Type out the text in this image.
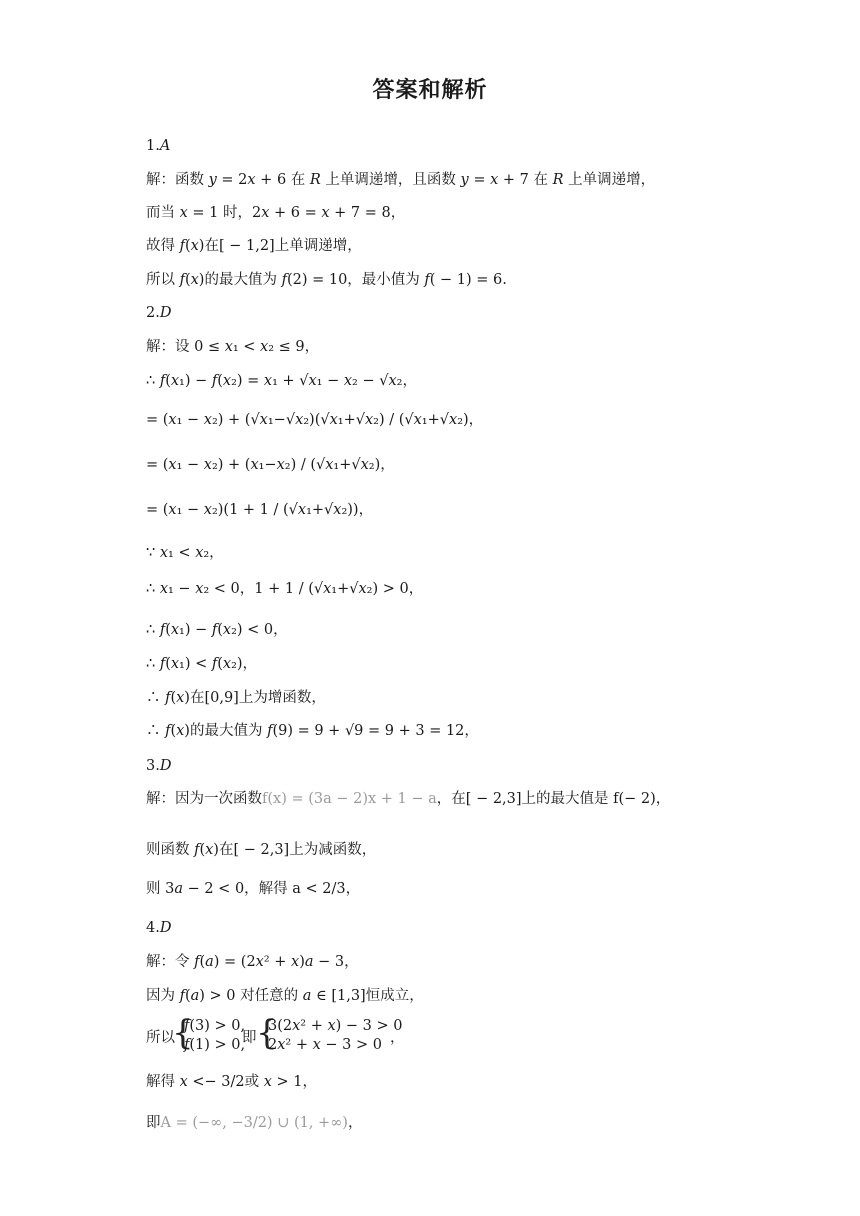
答案和解析
1.A
解：函数 𝑦 = 2𝑥 + 6 在 𝑅 上单调递增，且函数 𝑦 = 𝑥 + 7 在 𝑅 上单调递增，
而当 𝑥 = 1 时，2𝑥 + 6 = 𝑥 + 7 = 8，
故得 𝑓(𝑥)在[ − 1,2]上单调递增，
所以 𝑓(𝑥)的最大值为 𝑓(2) = 10，最小值为 𝑓( − 1) = 6.
2.D
解：设 0 ≤ 𝑥₁ < 𝑥₂ ≤ 9，
∴ 𝑓(𝑥₁) − 𝑓(𝑥₂) = 𝑥₁ + √𝑥₁ − 𝑥₂ − √𝑥₂，
= (𝑥₁ − 𝑥₂) + (√𝑥₁−√𝑥₂)(√𝑥₁+√𝑥₂) / (√𝑥₁+√𝑥₂)，
= (𝑥₁ − 𝑥₂) + (𝑥₁−𝑥₂) / (√𝑥₁+√𝑥₂)，
= (𝑥₁ − 𝑥₂)(1 + 1 / (√𝑥₁+√𝑥₂))，
∵ 𝑥₁ < 𝑥₂，
∴ 𝑥₁ − 𝑥₂ < 0，1 + 1 / (√𝑥₁+√𝑥₂) > 0，
∴ 𝑓(𝑥₁) − 𝑓(𝑥₂) < 0，
∴ 𝑓(𝑥₁) < 𝑓(𝑥₂)，
∴ 𝑓(𝑥)在[0,9]上为增函数，
∴ 𝑓(𝑥)的最大值为 𝑓(9) = 9 + √9 = 9 + 3 = 12，
3.D
解：因为一次函数f(x) = (3a − 2)x + 1 − a，在[ − 2,3]上的最大值是 f(− 2)，
则函数 𝑓(𝑥)在[ − 2,3]上为减函数，
则 3𝑎 − 2 < 0，解得 a < 2/3，
4.D
解：令 𝑓(𝑎) = (2𝑥² + 𝑥)𝑎 − 3，
因为 𝑓(𝑎) > 0 对任意的 𝑎 ∈ [1,3]恒成立，
所以
{
𝑓(3) > 0,
𝑓(1) > 0,
即 {
3(2𝑥² + 𝑥) − 3 > 0
2𝑥² + 𝑥 − 3 > 0 ，
解得 𝑥 <− 3/2或 𝑥 > 1，
即A = (−∞, −3/2) ∪ (1, +∞)，
